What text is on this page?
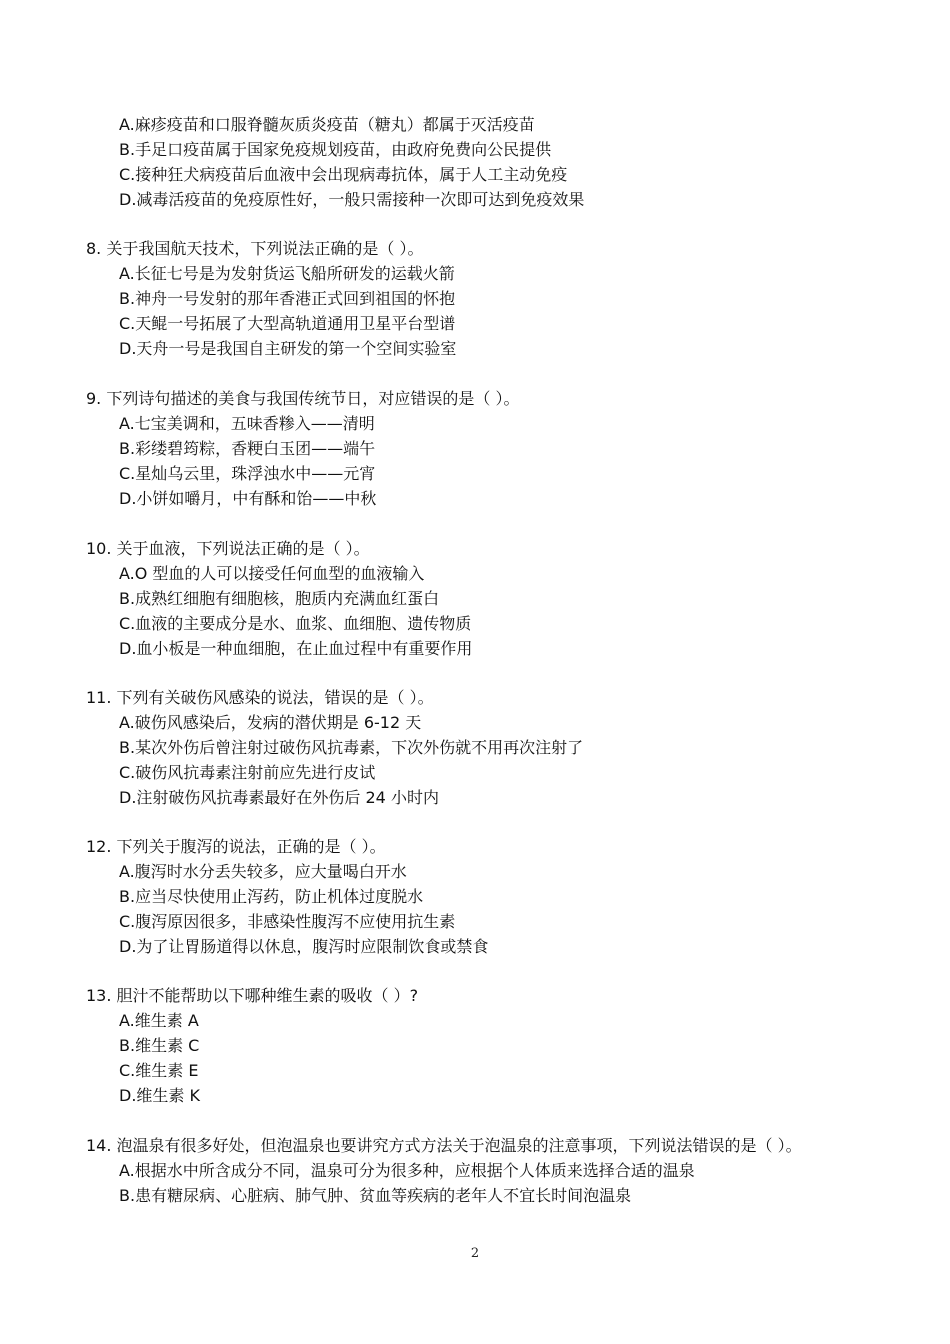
A.麻疹疫苗和口服脊髓灰质炎疫苗（糖丸）都属于灭活疫苗
B.手足口疫苗属于国家免疫规划疫苗，由政府免费向公民提供
C.接种狂犬病疫苗后血液中会出现病毒抗体，属于人工主动免疫
D.减毒活疫苗的免疫原性好，一般只需接种一次即可达到免疫效果
8. 关于我国航天技术，下列说法正确的是（ ）。
A.长征七号是为发射货运飞船所研发的运载火箭
B.神舟一号发射的那年香港正式回到祖国的怀抱
C.天鲲一号拓展了大型高轨道通用卫星平台型谱
D.天舟一号是我国自主研发的第一个空间实验室
9. 下列诗句描述的美食与我国传统节日，对应错误的是（ ）。
A.七宝美调和，五味香糁入——清明
B.彩缕碧筠粽，香粳白玉团——端午
C.星灿乌云里，珠浮浊水中——元宵
D.小饼如嚼月，中有酥和饴——中秋
10. 关于血液，下列说法正确的是（ ）。
A.O 型血的人可以接受任何血型的血液输入
B.成熟红细胞有细胞核，胞质内充满血红蛋白
C.血液的主要成分是水、血浆、血细胞、遗传物质
D.血小板是一种血细胞，在止血过程中有重要作用
11. 下列有关破伤风感染的说法，错误的是（ ）。
A.破伤风感染后，发病的潜伏期是 6-12 天
B.某次外伤后曾注射过破伤风抗毒素，下次外伤就不用再次注射了
C.破伤风抗毒素注射前应先进行皮试
D.注射破伤风抗毒素最好在外伤后 24 小时内
12. 下列关于腹泻的说法，正确的是（ ）。
A.腹泻时水分丢失较多，应大量喝白开水
B.应当尽快使用止泻药，防止机体过度脱水
C.腹泻原因很多，非感染性腹泻不应使用抗生素
D.为了让胃肠道得以休息，腹泻时应限制饮食或禁食
13. 胆汁不能帮助以下哪种维生素的吸收（ ）?
A.维生素 A
B.维生素 C
C.维生素 E
D.维生素 K
14. 泡温泉有很多好处，但泡温泉也要讲究方式方法关于泡温泉的注意事项，下列说法错误的是（ ）。
A.根据水中所含成分不同，温泉可分为很多种，应根据个人体质来选择合适的温泉
B.患有糖尿病、心脏病、肺气肿、贫血等疾病的老年人不宜长时间泡温泉
2
